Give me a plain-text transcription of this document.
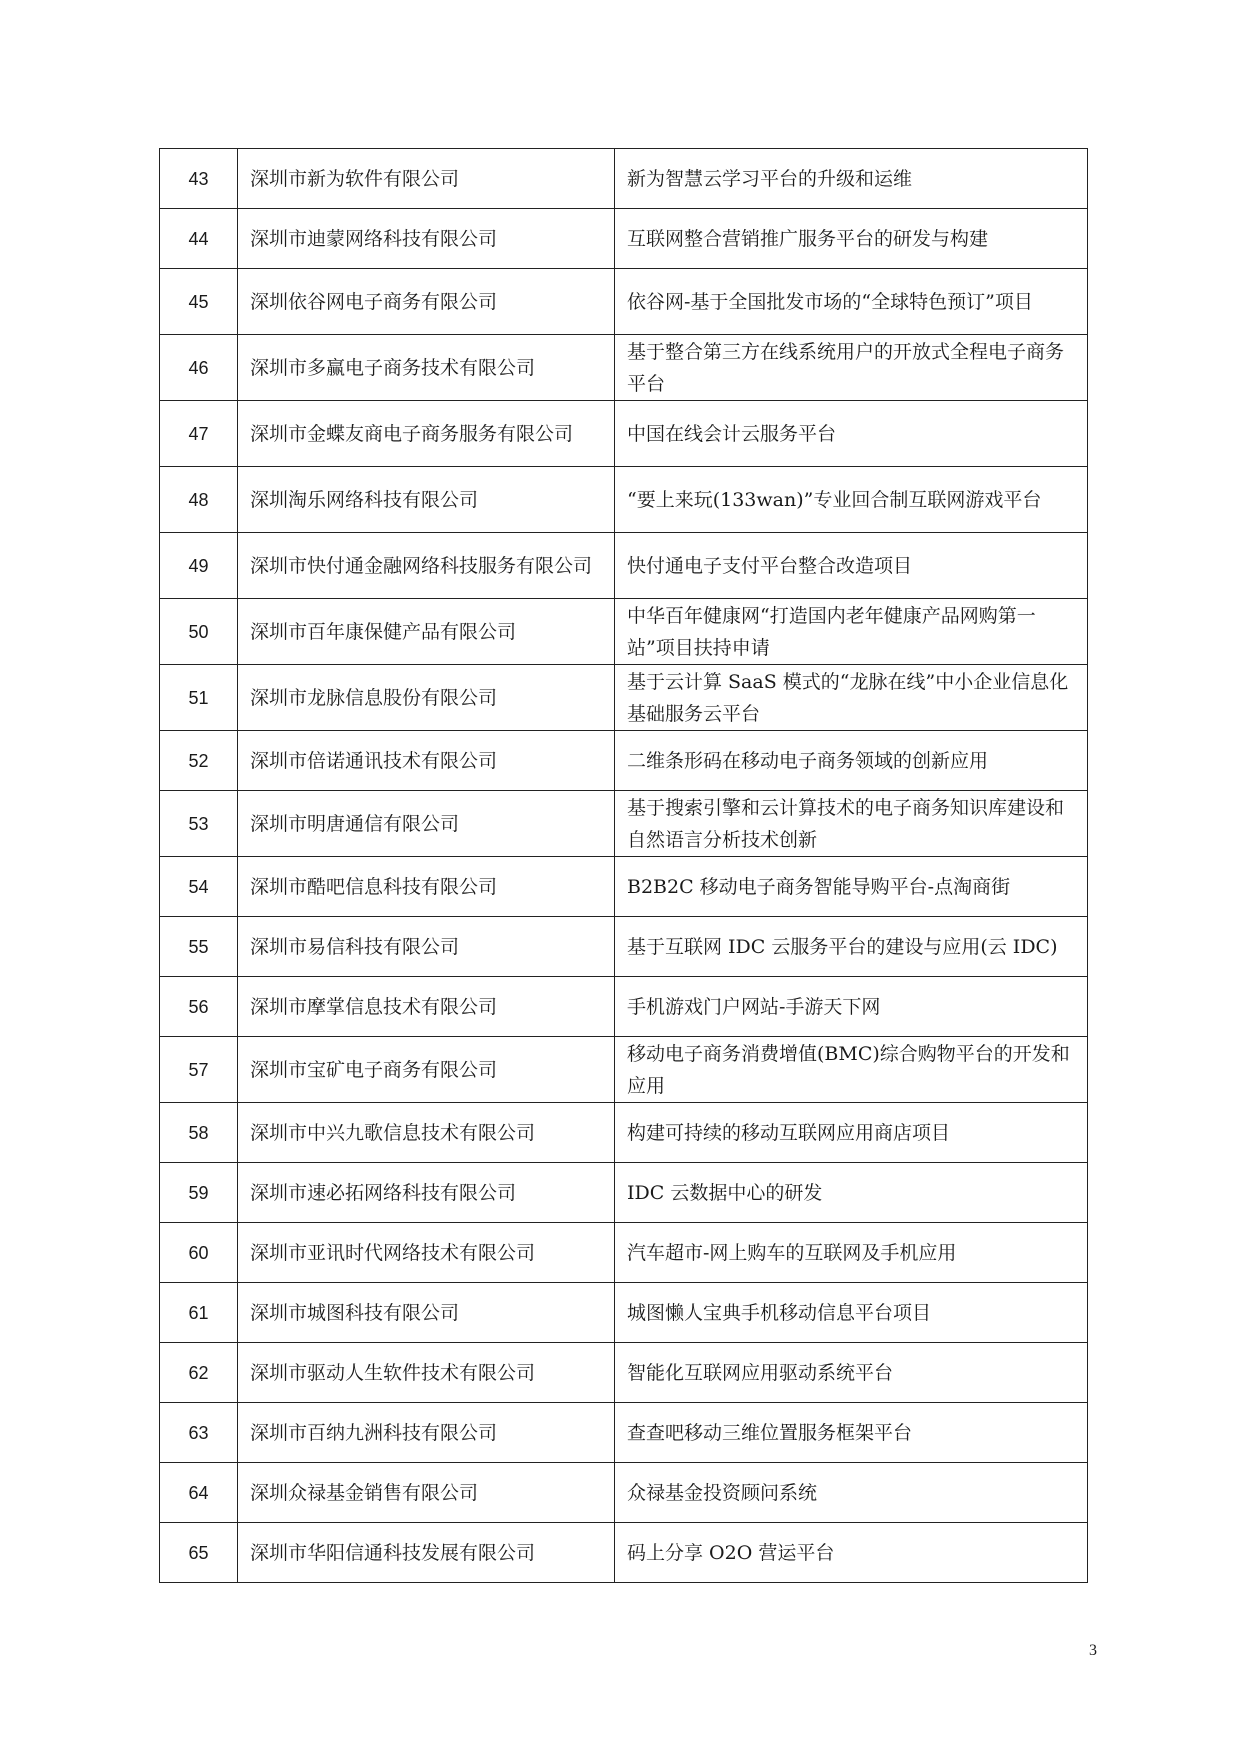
43	深圳市新为软件有限公司	新为智慧云学习平台的升级和运维
44	深圳市迪蒙网络科技有限公司	互联网整合营销推广服务平台的研发与构建
45	深圳依谷网电子商务有限公司	依谷网-基于全国批发市场的“全球特色预订”项目
46	深圳市多赢电子商务技术有限公司	基于整合第三方在线系统用户的开放式全程电子商务平台
47	深圳市金蝶友商电子商务服务有限公司	中国在线会计云服务平台
48	深圳淘乐网络科技有限公司	“要上来玩(133wan)”专业回合制互联网游戏平台
49	深圳市快付通金融网络科技服务有限公司	快付通电子支付平台整合改造项目
50	深圳市百年康保健产品有限公司	中华百年健康网“打造国内老年健康产品网购第一站”项目扶持申请
51	深圳市龙脉信息股份有限公司	基于云计算 SaaS 模式的“龙脉在线”中小企业信息化基础服务云平台
52	深圳市倍诺通讯技术有限公司	二维条形码在移动电子商务领域的创新应用
53	深圳市明唐通信有限公司	基于搜索引擎和云计算技术的电子商务知识库建设和自然语言分析技术创新
54	深圳市酷吧信息科技有限公司	B2B2C 移动电子商务智能导购平台-点淘商街
55	深圳市易信科技有限公司	基于互联网 IDC 云服务平台的建设与应用(云 IDC)
56	深圳市摩掌信息技术有限公司	手机游戏门户网站-手游天下网
57	深圳市宝矿电子商务有限公司	移动电子商务消费增值(BMC)综合购物平台的开发和应用
58	深圳市中兴九歌信息技术有限公司	构建可持续的移动互联网应用商店项目
59	深圳市速必拓网络科技有限公司	IDC 云数据中心的研发
60	深圳市亚讯时代网络技术有限公司	汽车超市-网上购车的互联网及手机应用
61	深圳市城图科技有限公司	城图懒人宝典手机移动信息平台项目
62	深圳市驱动人生软件技术有限公司	智能化互联网应用驱动系统平台
63	深圳市百纳九洲科技有限公司	查查吧移动三维位置服务框架平台
64	深圳众禄基金销售有限公司	众禄基金投资顾问系统
65	深圳市华阳信通科技发展有限公司	码上分享 O2O 营运平台
3
